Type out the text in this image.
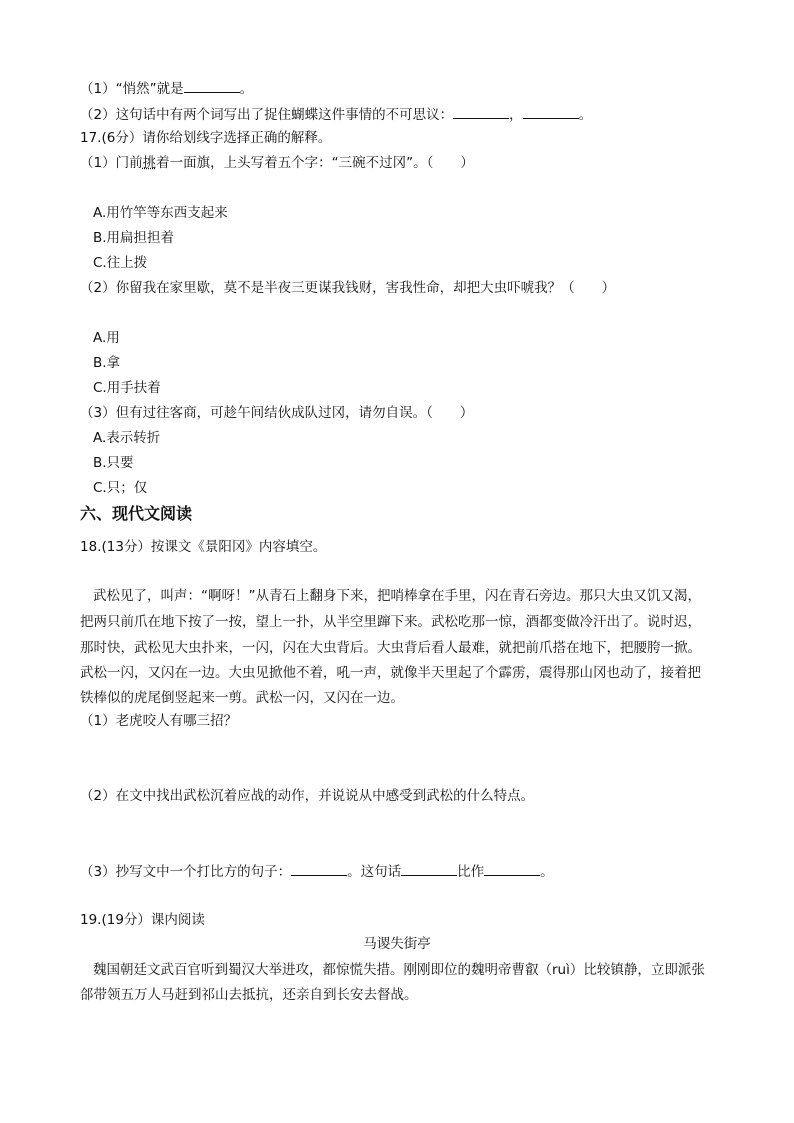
（1）“悄然”就是	。
（2）这句话中有两个词写出了捉住蝴蝶这件事情的不可思议：	，	。
17.(6分）请你给划线字选择正确的解释。
（1）门前挑着一面旗，上头写着五个字：“三碗不过冈”。（　　）
A.用竹竿等东西支起来
B.用扁担担着
C.往上拨
（2）你留我在家里歇，莫不是半夜三更谋我钱财，害我性命，却把大虫吓唬我？（　　）
A.用
B.拿
C.用手扶着
（3）但有过往客商，可趁午间结伙成队过冈，请勿自误。（　　）
A.表示转折
B.只要
C.只；仅
六、现代文阅读
18.(13分）按课文《景阳冈》内容填空。
武松见了，叫声：“啊呀！”从青石上翻身下来，把哨棒拿在手里，闪在青石旁边。那只大虫又饥又渴，
把两只前爪在地下按了一按，望上一扑，从半空里蹿下来。武松吃那一惊，酒都变做冷汗出了。说时迟，
那时快，武松见大虫扑来，一闪，闪在大虫背后。大虫背后看人最难，就把前爪搭在地下，把腰胯一掀。
武松一闪，又闪在一边。大虫见掀他不着，吼一声，就像半天里起了个霹雳，震得那山冈也动了，接着把
铁棒似的虎尾倒竖起来一剪。武松一闪，又闪在一边。
（1）老虎咬人有哪三招？
（2）在文中找出武松沉着应战的动作，并说说从中感受到武松的什么特点。
（3）抄写文中一个打比方的句子：	。这句话	比作	。
19.(19分）课内阅读
马谡失街亭
魏国朝廷文武百官听到蜀汉大举进攻，都惊慌失措。刚刚即位的魏明帝曹叡（ruì）比较镇静，立即派张
郃带领五万人马赶到祁山去抵抗，还亲自到长安去督战。
